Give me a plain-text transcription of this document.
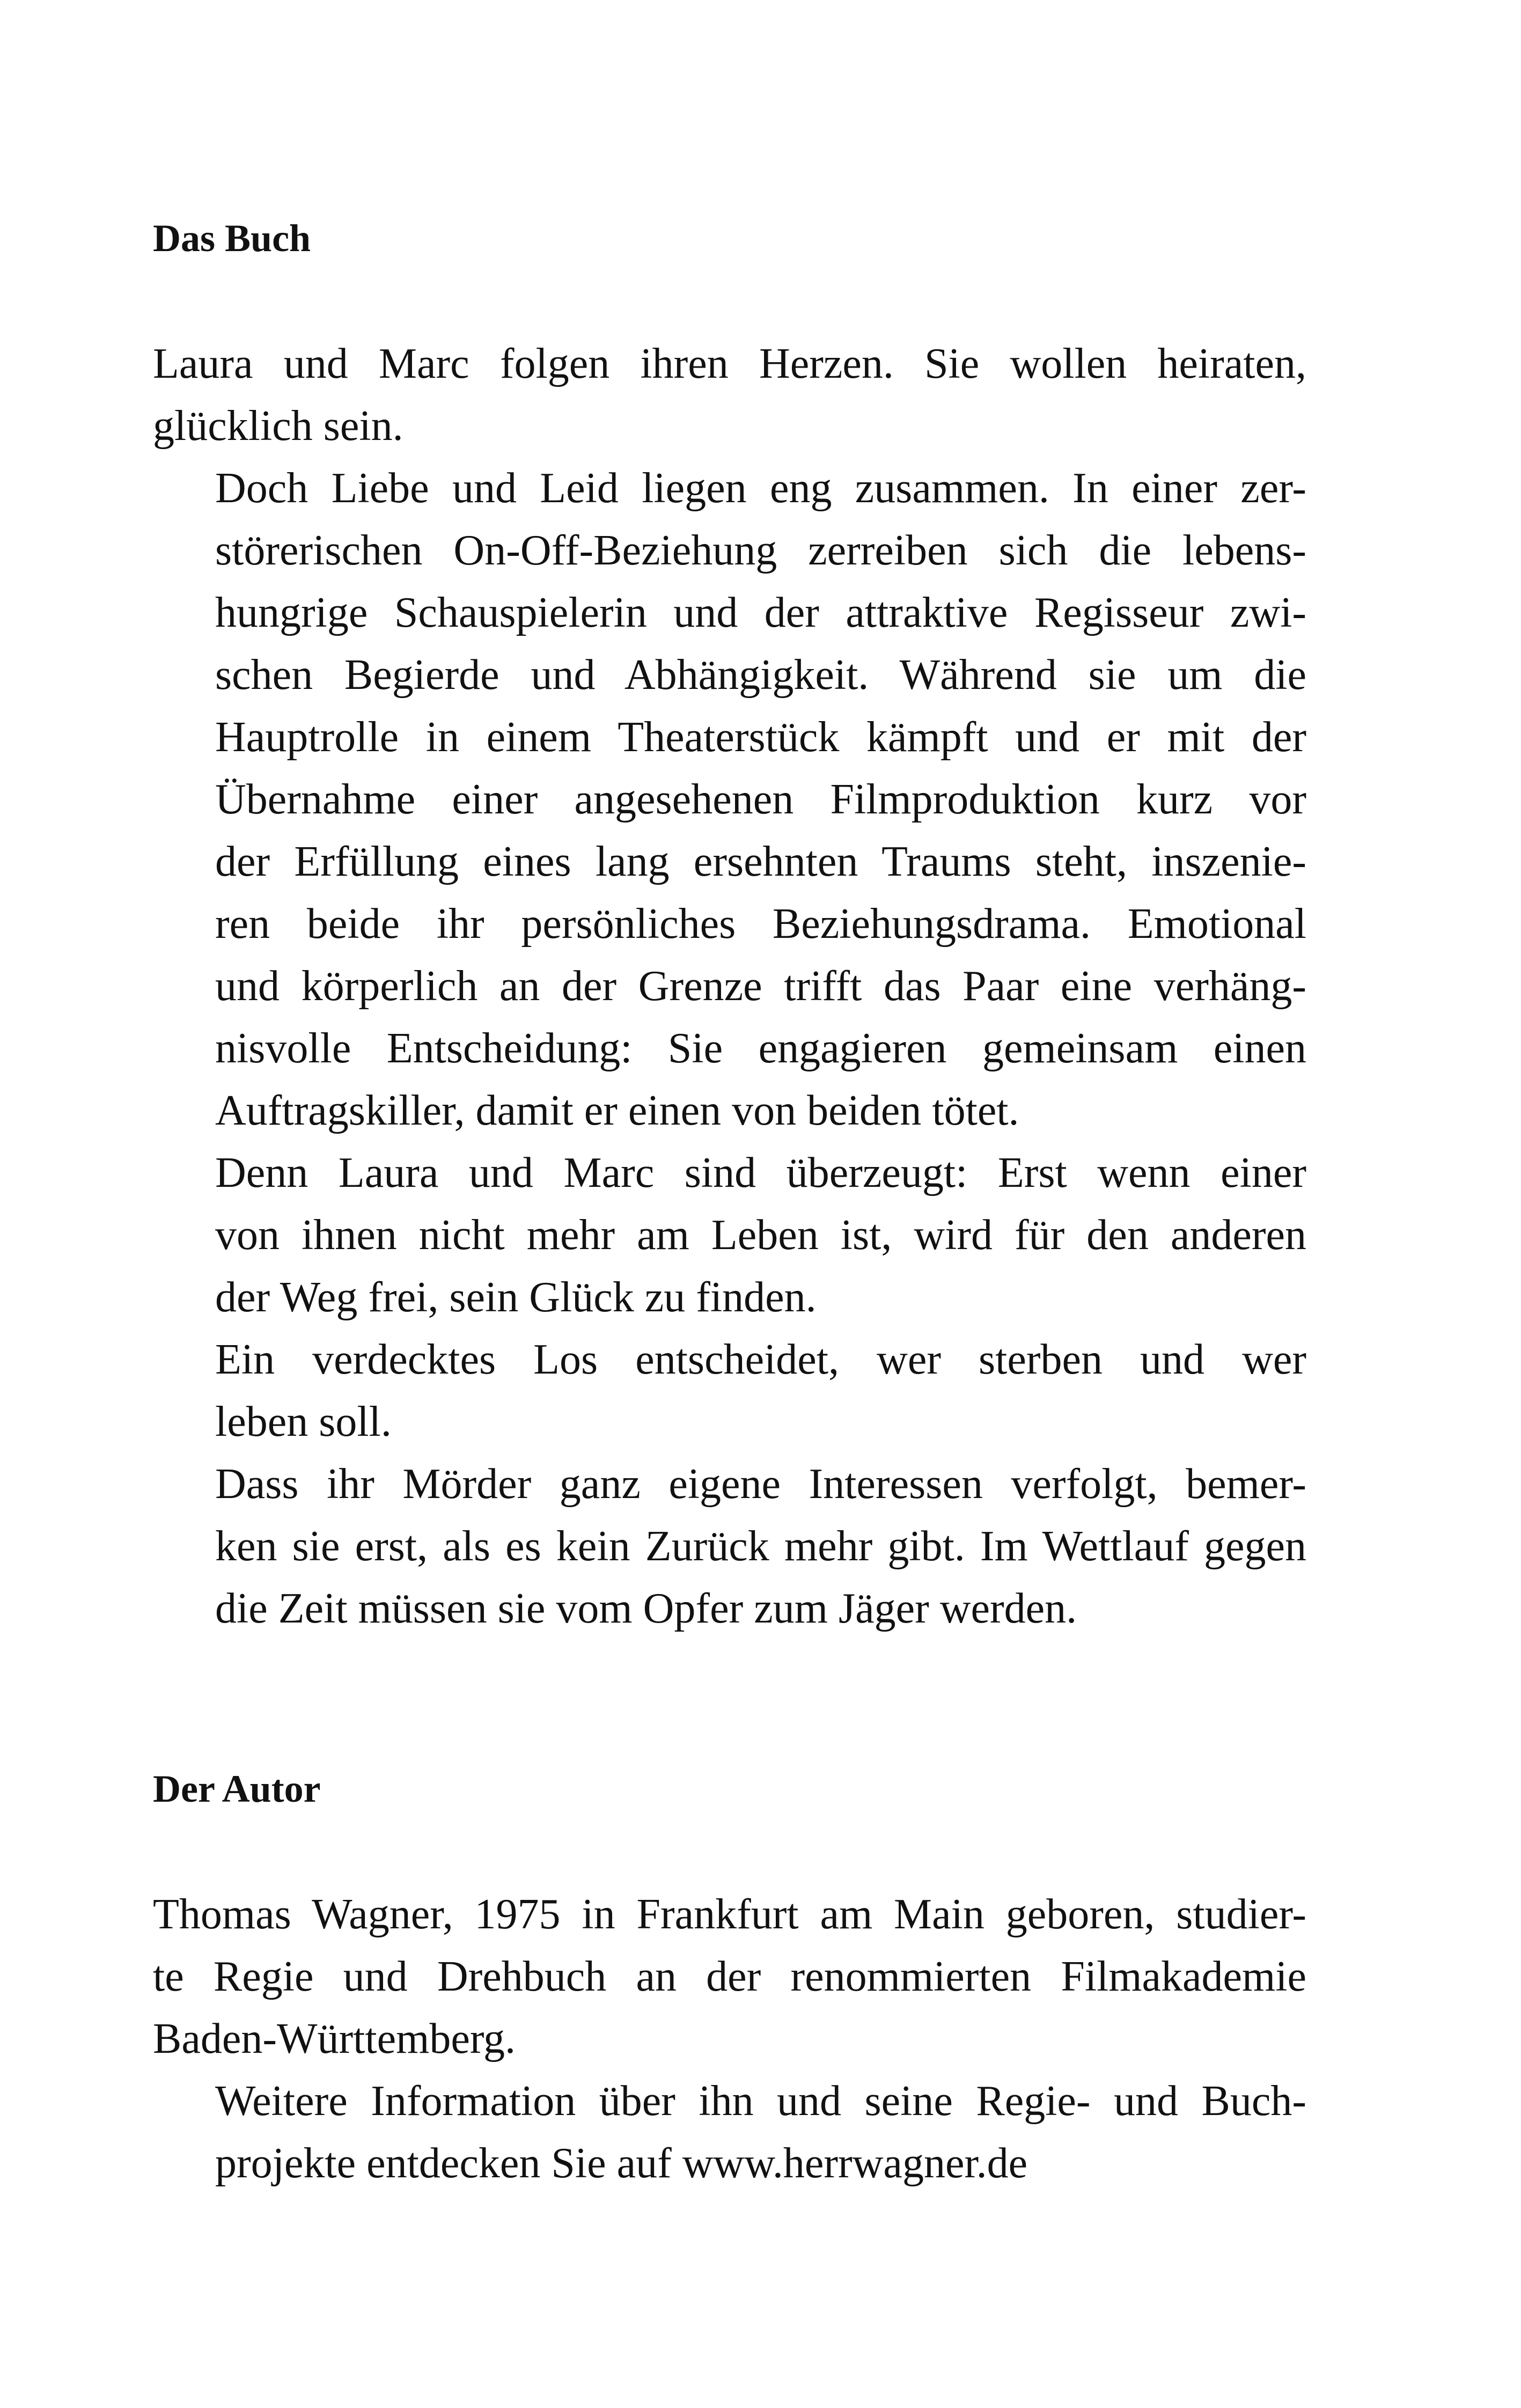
Das Buch

Laura und Marc folgen ihren Herzen. Sie wollen heiraten,
glücklich sein.

Doch Liebe und Leid liegen eng zusammen. In einer zer-
störerischen On-Off-Beziehung zerreiben sich die lebens-
hungrige Schauspielerin und der attraktive Regisseur zwi-
schen Begierde und Abhängigkeit. Während sie um die
Hauptrolle in einem Theaterstück kämpft und er mit der
Übernahme einer angesehenen Filmproduktion kurz vor
der Erfüllung eines lang ersehnten Traums steht, inszenie-
ren beide ihr persönliches Beziehungsdrama. Emotional
und körperlich an der Grenze trifft das Paar eine verhäng-
nisvolle Entscheidung: Sie engagieren gemeinsam einen
Auftragskiller, damit er einen von beiden tötet.

Denn Laura und Marc sind überzeugt: Erst wenn einer
von ihnen nicht mehr am Leben ist, wird für den anderen
der Weg frei, sein Glück zu finden.

Ein verdecktes Los entscheidet, wer sterben und wer
leben soll.

Dass ihr Mörder ganz eigene Interessen verfolgt, bemer-
ken sie erst, als es kein Zurück mehr gibt. Im Wettlauf gegen
die Zeit müssen sie vom Opfer zum Jäger werden.

Der Autor

Thomas Wagner, 1975 in Frankfurt am Main geboren, studier-
te Regie und Drehbuch an der renommierten Filmakademie
Baden-Württemberg.

Weitere Information über ihn und seine Regie- und Buch-
projekte entdecken Sie auf www.herrwagner.de
